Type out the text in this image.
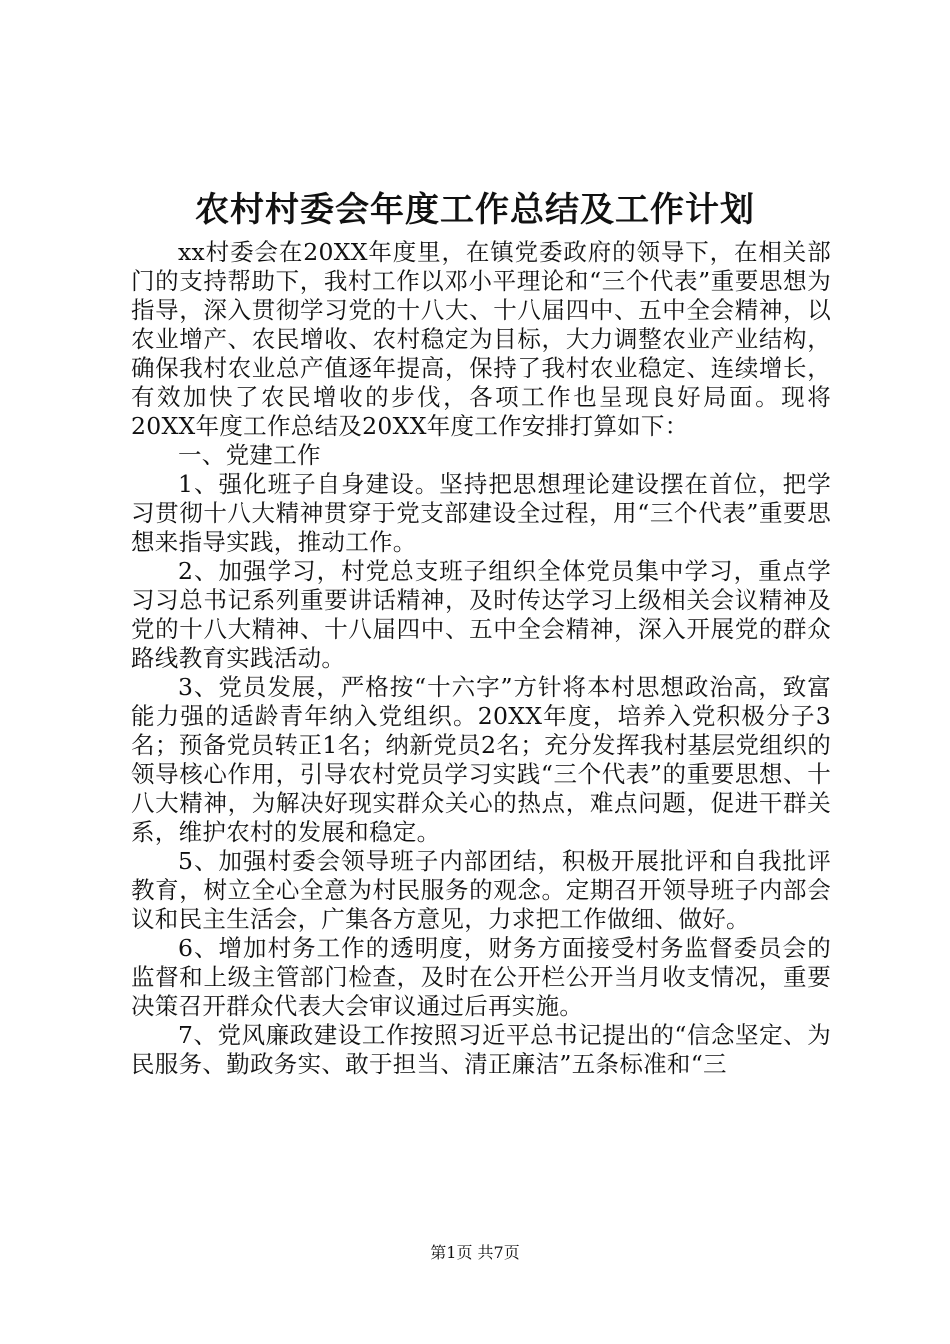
农村村委会年度工作总结及工作计划

xx村委会在20XX年度里，在镇党委政府的领导下，在相关部门的支持帮助下，我村工作以邓小平理论和“三个代表”重要思想为指导，深入贯彻学习党的十八大、十八届四中、五中全会精神，以农业增产、农民增收、农村稳定为目标，大力调整农业产业结构，确保我村农业总产值逐年提高，保持了我村农业稳定、连续增长，有效加快了农民增收的步伐，各项工作也呈现良好局面。现将20XX年度工作总结及20XX年度工作安排打算如下：

一、党建工作

1、强化班子自身建设。坚持把思想理论建设摆在首位，把学习贯彻十八大精神贯穿于党支部建设全过程，用“三个代表”重要思想来指导实践，推动工作。

2、加强学习，村党总支班子组织全体党员集中学习，重点学习习总书记系列重要讲话精神，及时传达学习上级相关会议精神及党的十八大精神、十八届四中、五中全会精神，深入开展党的群众路线教育实践活动。

3、党员发展，严格按“十六字”方针将本村思想政治高，致富能力强的适龄青年纳入党组织。20XX年度，培养入党积极分子3名；预备党员转正1名；纳新党员2名；充分发挥我村基层党组织的领导核心作用，引导农村党员学习实践“三个代表”的重要思想、十八大精神，为解决好现实群众关心的热点，难点问题，促进干群关系，维护农村的发展和稳定。

5、加强村委会领导班子内部团结，积极开展批评和自我批评教育，树立全心全意为村民服务的观念。定期召开领导班子内部会议和民主生活会，广集各方意见，力求把工作做细、做好。

6、增加村务工作的透明度，财务方面接受村务监督委员会的监督和上级主管部门检查，及时在公开栏公开当月收支情况，重要决策召开群众代表大会审议通过后再实施。

7、党风廉政建设工作按照习近平总书记提出的“信念坚定、为民服务、勤政务实、敢于担当、清正廉洁”五条标准和“三

第1页 共7页
